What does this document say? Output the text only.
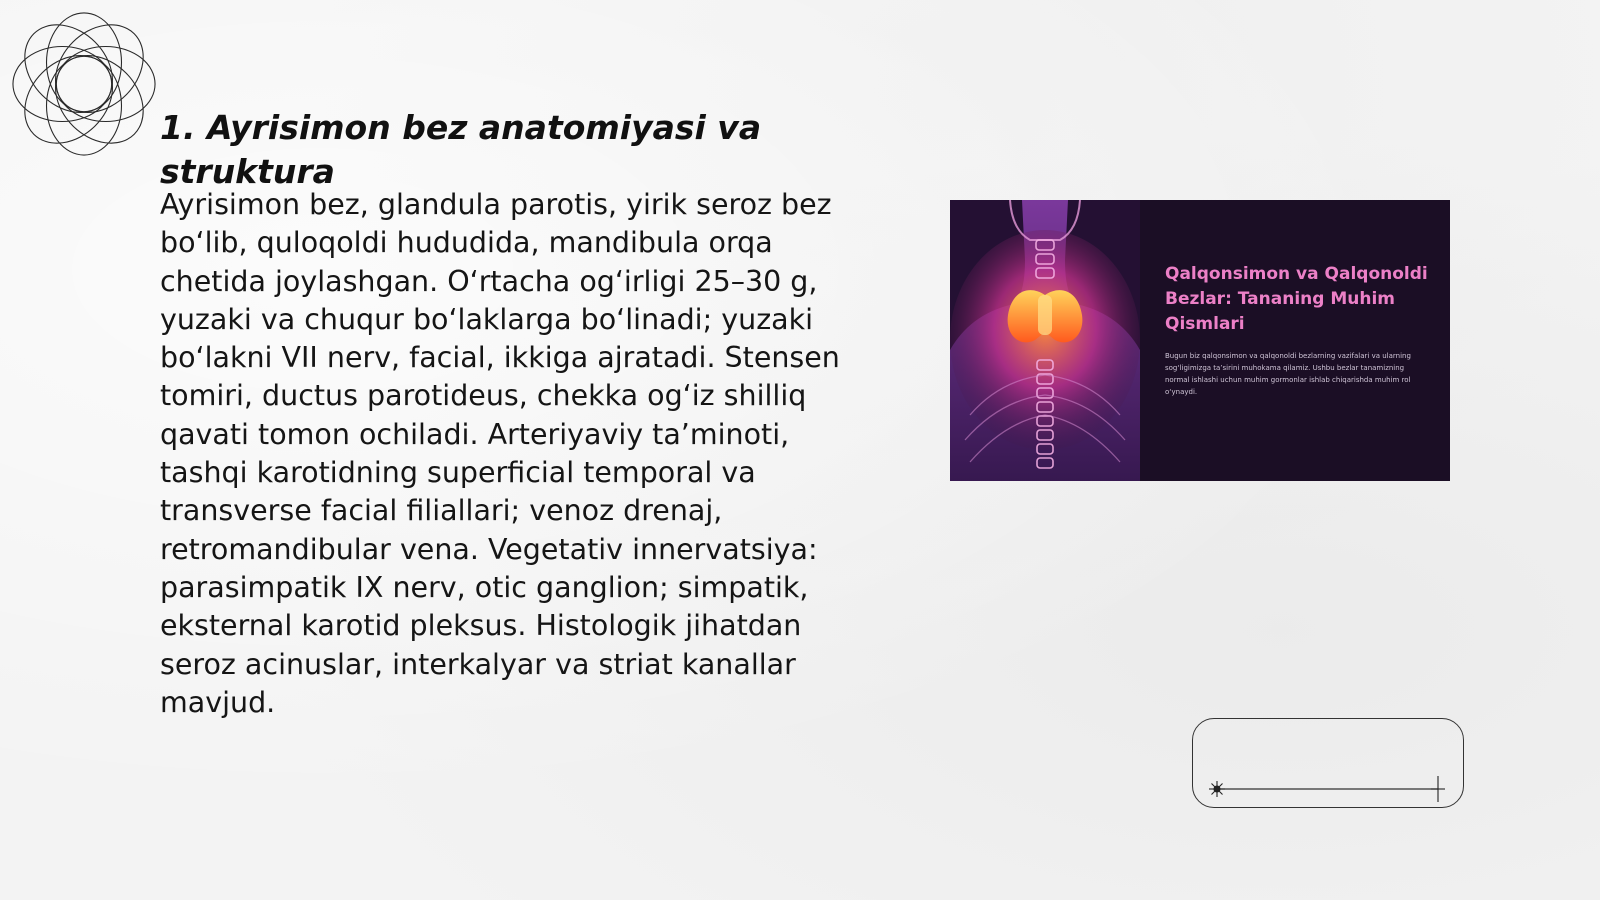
1. Ayrisimon bez anatomiyasi va struktura

Ayrisimon bez, glandula parotis, yirik seroz bez bo‘lib, quloqoldi hududida, mandibula orqa chetida joylashgan. O‘rtacha og‘irligi 25–30 g, yuzaki va chuqur bo‘laklarga bo‘linadi; yuzaki bo‘lakni VII nerv, facial, ikkiga ajratadi. Stensen tomiri, ductus parotideus, chekka og‘iz shilliq qavati tomon ochiladi. Arteriyaviy ta’minoti, tashqi karotidning superficial temporal va transverse facial filiallari; venoz drenaj, retromandibular vena. Vegetativ innervatsiya: parasimpatik IX nerv, otic ganglion; simpatik, eksternal karotid pleksus. Histologik jihatdan seroz acinuslar, interkalyar va striat kanallar mavjud.

Qalqonsimon va Qalqonoldi Bezlar: Tananing Muhim Qismlari

Bugun biz qalqonsimon va qalqonoldi bezlarning vazifalari va ularning sog‘ligimizga ta’sirini muhokama qilamiz. Ushbu bezlar tanamizning normal ishlashi uchun muhim gormonlar ishlab chiqarishda muhim rol o‘ynaydi.
